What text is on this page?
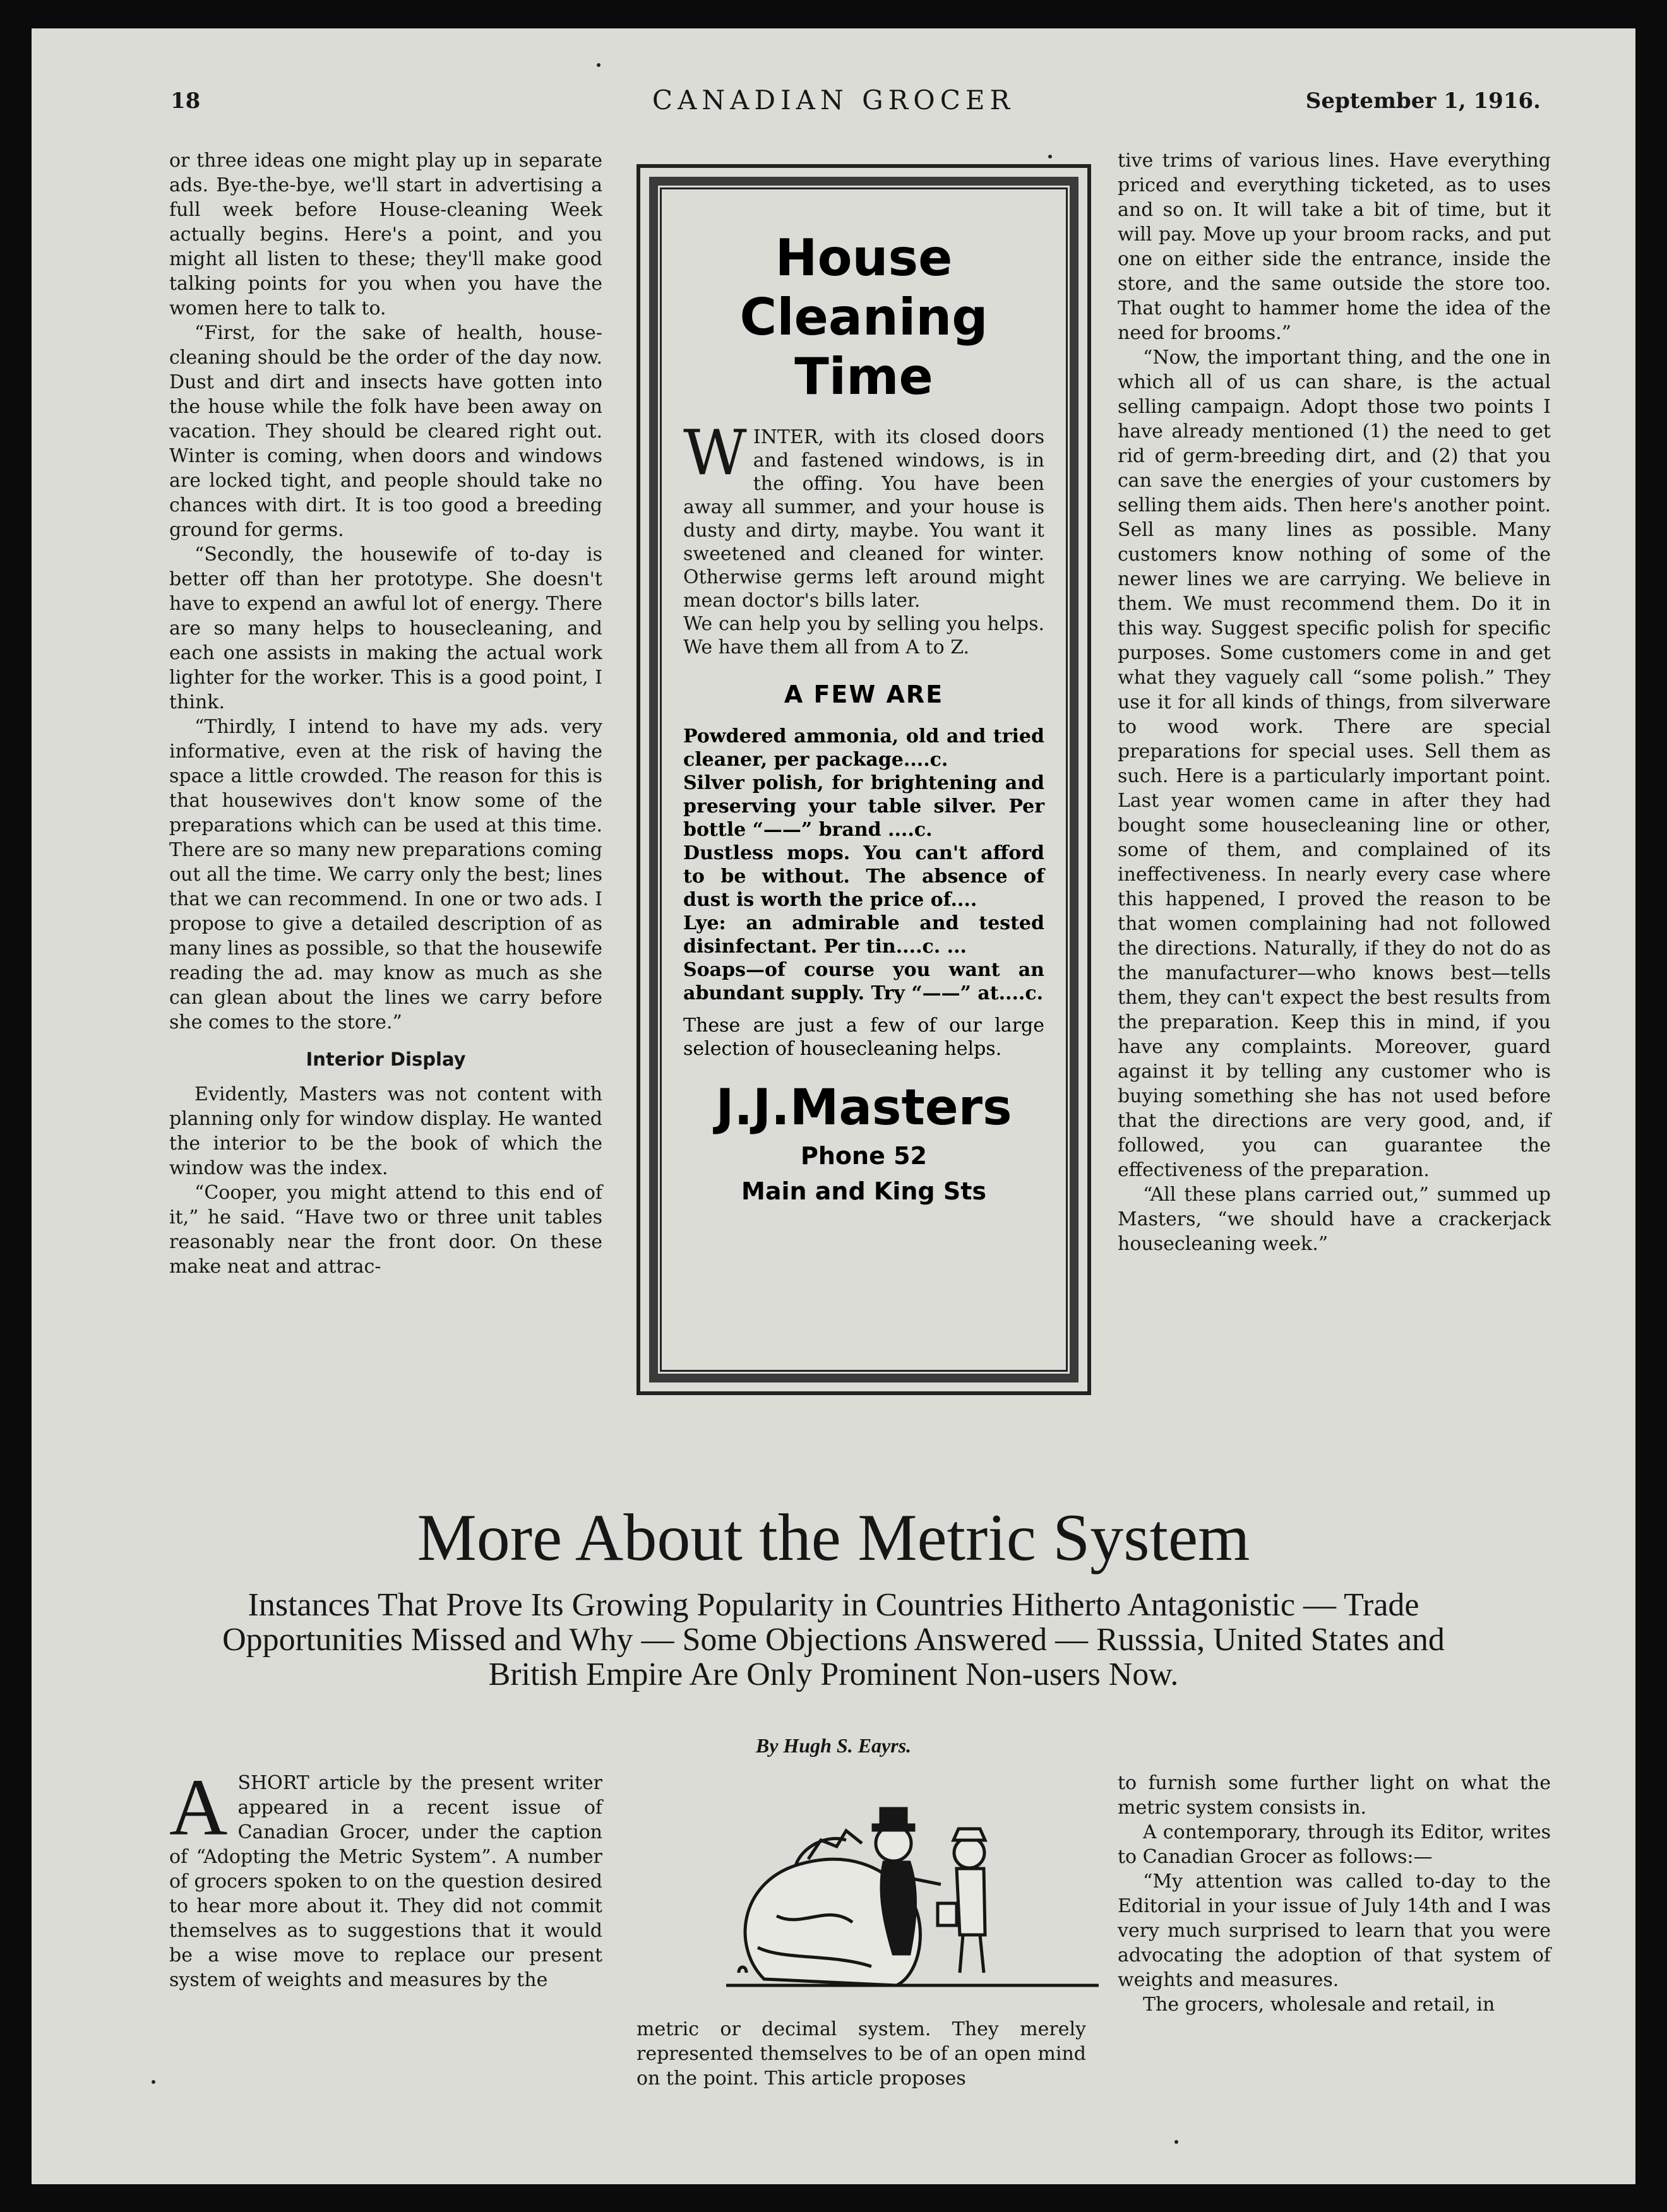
18	CANADIAN GROCER	September 1, 1916.

or three ideas one might play up in separate ads. Bye-the-bye, we'll start in advertising a full week before House-cleaning Week actually begins. Here's a point, and you might all listen to these; they'll make good talking points for you when you have the women here to talk to.

“First, for the sake of health, house-cleaning should be the order of the day now. Dust and dirt and insects have gotten into the house while the folk have been away on vacation. They should be cleared right out. Winter is coming, when doors and windows are locked tight, and people should take no chances with dirt. It is too good a breeding ground for germs.

“Secondly, the housewife of to-day is better off than her prototype. She doesn't have to expend an awful lot of energy. There are so many helps to housecleaning, and each one assists in making the actual work lighter for the worker. This is a good point, I think.

“Thirdly, I intend to have my ads. very informative, even at the risk of having the space a little crowded. The reason for this is that housewives don't know some of the preparations which can be used at this time. There are so many new preparations coming out all the time. We carry only the best; lines that we can recommend. In one or two ads. I propose to give a detailed description of as many lines as possible, so that the housewife reading the ad. may know as much as she can glean about the lines we carry before she comes to the store.”

Interior Display

Evidently, Masters was not content with planning only for window display. He wanted the interior to be the book of which the window was the index.

“Cooper, you might attend to this end of it,” he said. “Have two or three unit tables reasonably near the front door. On these make neat and attrac-

House Cleaning Time
WINTER, with its closed doors and fastened windows, is in the offing. You have been away all summer, and your house is dusty and dirty, maybe. You want it sweetened and cleaned for winter. Otherwise germs left around might mean doctor's bills later.
We can help you by selling you helps. We have them all from A to Z.
A FEW ARE

Powdered ammonia, old and tried cleaner, per package....c.

Silver polish, for brightening and preserving your table silver. Per bottle “——” brand ....c.

Dustless mops. You can't afford to be without. The absence of dust is worth the price of....

Lye: an admirable and tested disinfectant. Per tin....c. ...

Soaps—of course you want an abundant supply. Try “——” at....c.

These are just a few of our large selection of housecleaning helps.
J.J.Masters
Phone 52
Main and King Sts

tive trims of various lines. Have everything priced and everything ticketed, as to uses and so on. It will take a bit of time, but it will pay. Move up your broom racks, and put one on either side the entrance, inside the store, and the same outside the store too. That ought to hammer home the idea of the need for brooms.”

“Now, the important thing, and the one in which all of us can share, is the actual selling campaign. Adopt those two points I have already mentioned (1) the need to get rid of germ-breeding dirt, and (2) that you can save the energies of your customers by selling them aids. Then here's another point. Sell as many lines as possible. Many customers know nothing of some of the newer lines we are carrying. We believe in them. We must recommend them. Do it in this way. Suggest specific polish for specific purposes. Some customers come in and get what they vaguely call “some polish.” They use it for all kinds of things, from silverware to wood work. There are special preparations for special uses. Sell them as such. Here is a particularly important point. Last year women came in after they had bought some housecleaning line or other, some of them, and complained of its ineffectiveness. In nearly every case where this happened, I proved the reason to be that women complaining had not followed the directions. Naturally, if they do not do as the manufacturer—who knows best—tells them, they can't expect the best results from the preparation. Keep this in mind, if you have any complaints. Moreover, guard against it by telling any customer who is buying something she has not used before that the directions are very good, and, if followed, you can guarantee the effectiveness of the preparation.

“All these plans carried out,” summed up Masters, “we should have a crackerjack housecleaning week.”

More About the Metric System
Instances That Prove Its Growing Popularity in Countries Hitherto Antagonistic — Trade Opportunities Missed and Why — Some Objections Answered — Russsia, United States and British Empire Are Only Prominent Non-users Now.
By Hugh S. Eayrs.

ASHORT article by the present writer appeared in a recent issue of Canadian Grocer, under the caption of “Adopting the Metric System”. A number of grocers spoken to on the question desired to hear more about it. They did not commit themselves as to suggestions that it would be a wise move to replace our present system of weights and measures by the

metric or decimal system. They merely represented themselves to be of an open mind on the point. This article proposes

to furnish some further light on what the metric system consists in.

A contemporary, through its Editor, writes to Canadian Grocer as follows:—

“My attention was called to-day to the Editorial in your issue of July 14th and I was very much surprised to learn that you were advocating the adoption of that system of weights and measures.

The grocers, wholesale and retail, in
